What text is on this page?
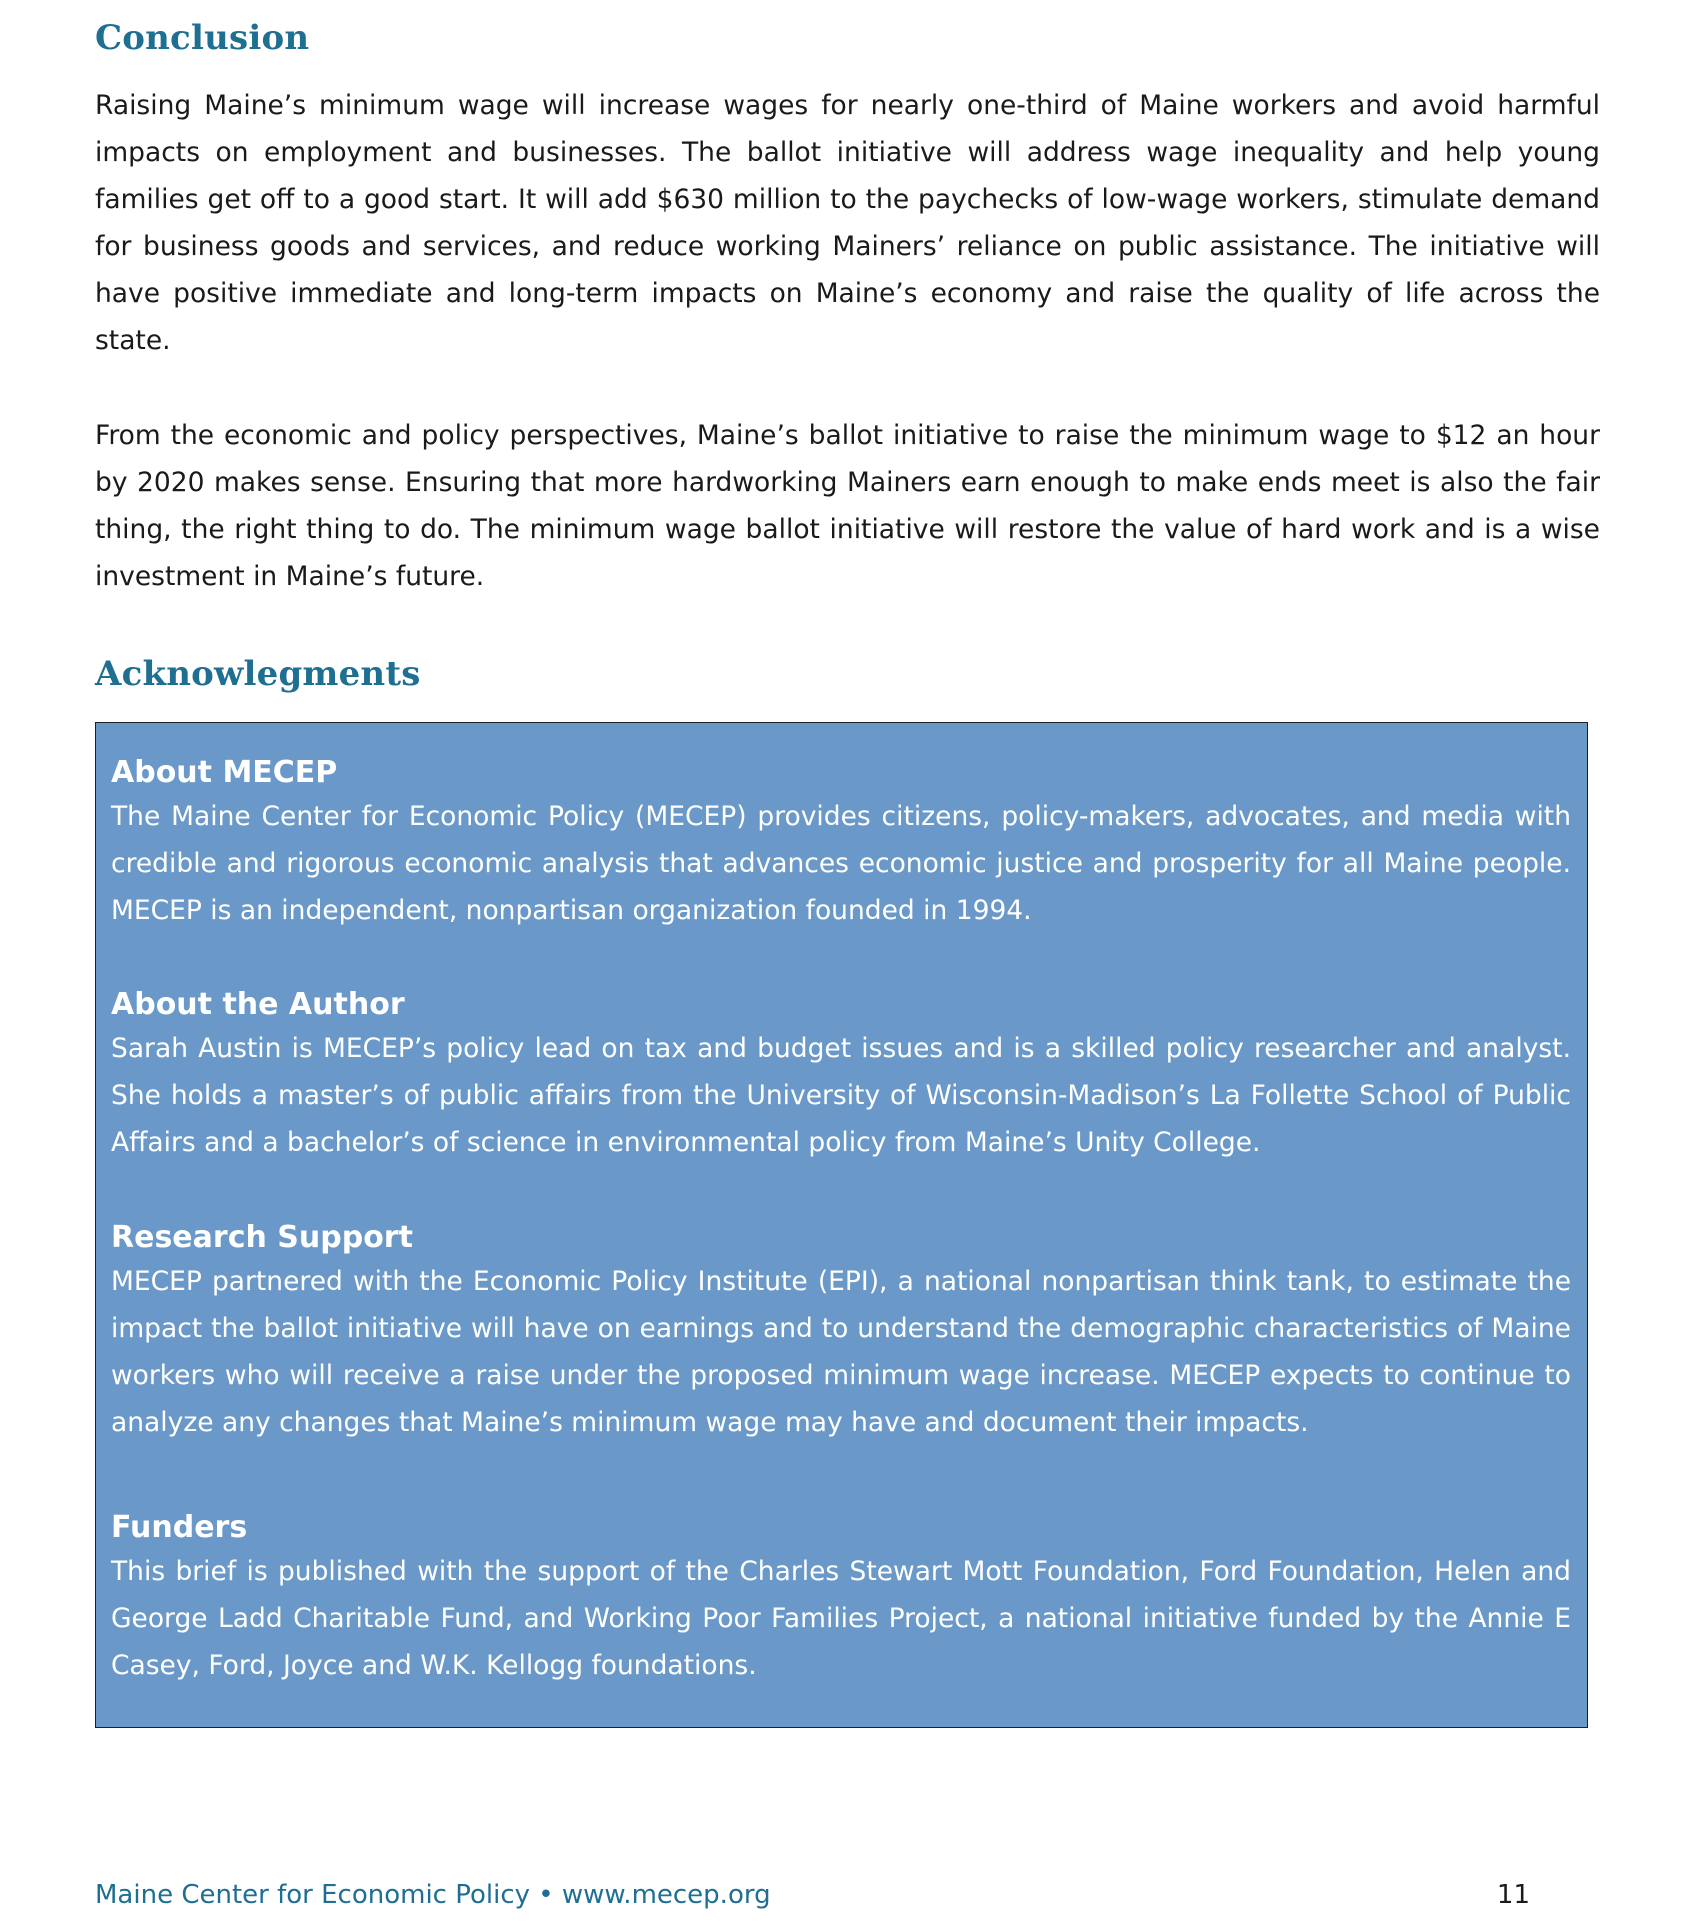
Conclusion

Raising Maine’s minimum wage will increase wages for nearly one-third of Maine workers and avoid harmful impacts on employment and businesses. The ballot initiative will address wage inequality and help young families get off to a good start. It will add $630 million to the paychecks of low-wage workers, stimulate demand for business goods and services, and reduce working Mainers’ reliance on public assistance. The initiative will have positive immediate and long-term impacts on Maine’s economy and raise the quality of life across the state.

From the economic and policy perspectives, Maine’s ballot initiative to raise the minimum wage to $12 an hour by 2020 makes sense. Ensuring that more hardworking Mainers earn enough to make ends meet is also the fair thing, the right thing to do. The minimum wage ballot initiative will restore the value of hard work and is a wise investment in Maine’s future.

Acknowlegments
About MECEP

The Maine Center for Economic Policy (MECEP) provides citizens, policy-makers, advocates, and media with credible and rigorous economic analysis that advances economic justice and prosperity for all Maine people. MECEP is an independent, nonpartisan organization founded in 1994.

About the Author

Sarah Austin is MECEP’s policy lead on tax and budget issues and is a skilled policy researcher and analyst. She holds a master’s of public affairs from the University of Wisconsin-Madison’s La Follette School of Public Affairs and a bachelor’s of science in environmental policy from Maine’s Unity College.

Research Support

MECEP partnered with the Economic Policy Institute (EPI), a national nonpartisan think tank, to estimate the impact the ballot initiative will have on earnings and to understand the demographic characteristics of Maine workers who will receive a raise under the proposed minimum wage increase. MECEP expects to continue to analyze any changes that Maine’s minimum wage may have and document their impacts.

Funders

This brief is published with the support of the Charles Stewart Mott Foundation, Ford Foundation, Helen and George Ladd Charitable Fund, and Working Poor Families Project, a national initiative funded by the Annie E Casey, Ford, Joyce and W.K. Kellogg foundations.

Maine Center for Economic Policy • www.mecep.org	11
